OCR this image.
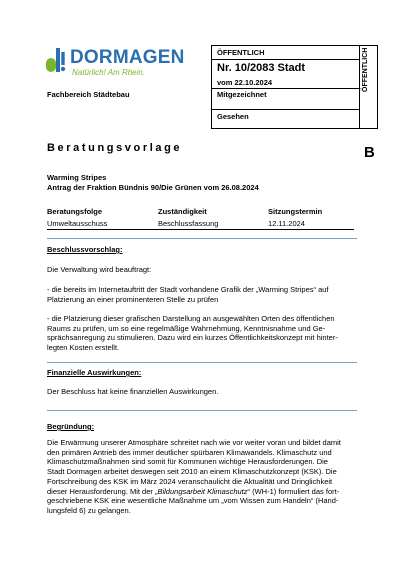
DORMAGEN
Natürlich! Am Rhein.
Fachbereich Städtebau
ÖFFENTLICH
Nr. 10/2083 Stadt
vom 22.10.2024
Mitgezeichnet
Gesehen
ÖFFENTLICH
Beratungsvorlage	B
Warming Stripes
Antrag der Fraktion Bündnis 90/Die Grünen vom 26.08.2024
Beratungsfolge	Zuständigkeit	Sitzungstermin
Umweltausschuss	Beschlussfassung	12.11.2024
Beschlussvorschlag:
Die Verwaltung wird beauftragt:

- die bereits im Internetauftritt der Stadt vorhandene Grafik der „Warming Stripes“ auf

Platzierung an einer prominenteren Stelle zu prüfen

- die Platzierung dieser grafischen Darstellung an ausgewählten Orten des öffentlichen

Raums zu prüfen, um so eine regelmäßige Wahrnehmung, Kenntnisnahme und Ge-

sprächsanregung zu stimulieren. Dazu wird ein kurzes Öffentlichkeitskonzept mit hinter-

legten Kosten erstellt.

Finanzielle Auswirkungen:
Der Beschluss hat keine finanziellen Auswirkungen.
Begründung:

Die Erwärmung unserer Atmosphäre schreitet nach wie vor weiter voran und bildet damit

den primären Antrieb des immer deutlicher spürbaren Klimawandels. Klimaschutz und

Klimaschutzmaßnahmen sind somit für Kommunen wichtige Herausforderungen. Die

Stadt Dormagen arbeitet deswegen seit 2010 an einem Klimaschutzkonzept (KSK). Die

Fortschreibung des KSK im März 2024 veranschaulicht die Aktualität und Dringlichkeit

dieser Herausforderung. Mit der „Bildungsarbeit Klimaschutz“ (WH-1) formuliert das fort-

geschriebene KSK eine wesentliche Maßnahme um „vom Wissen zum Handeln“ (Hand-

lungsfeld 6) zu gelangen.
